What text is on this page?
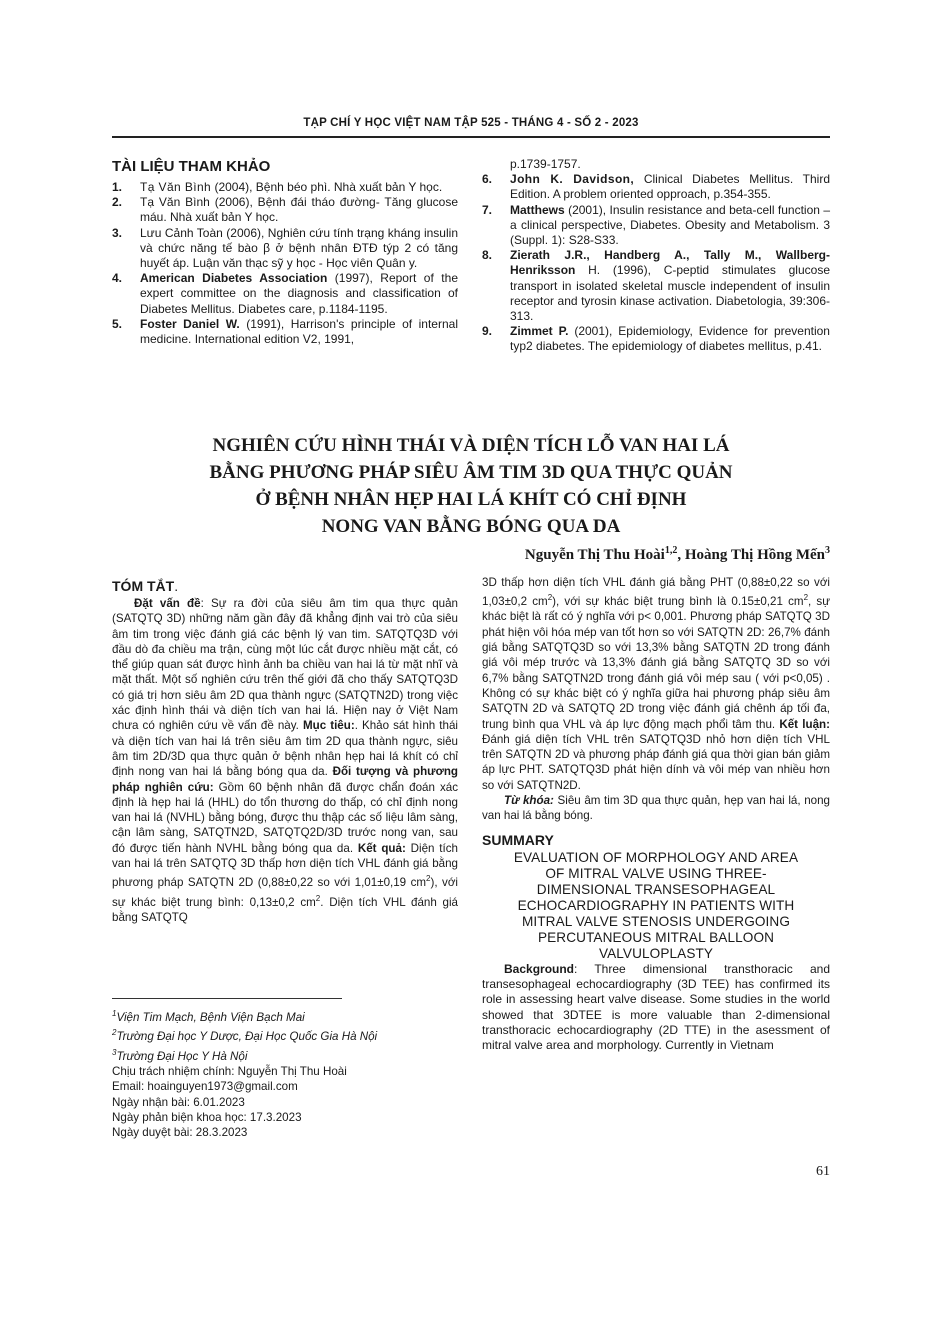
TẠP CHÍ Y HỌC VIỆT NAM TẬP 525 - THÁNG 4 - SỐ 2 - 2023
TÀI LIỆU THAM KHẢO
1. Tạ Văn Bình (2004), Bệnh béo phì. Nhà xuất bản Y học.
2. Tạ Văn Bình (2006), Bệnh đái tháo đường- Tăng glucose máu. Nhà xuất bản Y học.
3. Lưu Cảnh Toàn (2006), Nghiên cứu tính trạng kháng insulin và chức năng tế bào β ở bệnh nhân ĐTĐ týp 2 có tăng huyết áp. Luận văn thạc sỹ y học - Học viên Quân y.
4. American Diabetes Association (1997), Report of the expert committee on the diagnosis and classification of Diabetes Mellitus. Diabetes care, p.1184-1195.
5. Foster Daniel W. (1991), Harrison's principle of internal medicine. International edition V2, 1991,
p.1739-1757.
6. John K. Davidson, Clinical Diabetes Mellitus. Third Edition. A problem oriented opproach, p.354-355.
7. Matthews (2001), Insulin resistance and beta-cell function – a clinical perspective, Diabetes. Obesity and Metabolism. 3 (Suppl. 1): S28-S33.
8. Zierath J.R., Handberg A., Tally M., Wallberg- Henriksson H. (1996), C-peptid stimulates glucose transport in isolated skeletal muscle independent of insulin receptor and tyrosin kinase activation. Diabetologia, 39:306-313.
9. Zimmet P. (2001), Epidemiology, Evidence for prevention typ2 diabetes. The epidemiology of diabetes mellitus, p.41.
NGHIÊN CỨU HÌNH THÁI VÀ DIỆN TÍCH LỖ VAN HAI LÁ
BẰNG PHƯƠNG PHÁP SIÊU ÂM TIM 3D QUA THỰC QUẢN
Ở BỆNH NHÂN HẸP HAI LÁ KHÍT CÓ CHỈ ĐỊNH
NONG VAN BẰNG BÓNG QUA DA
Nguyễn Thị Thu Hoài$^{1,2}$, Hoàng Thị Hồng Mến$^3$
TÓM TẮT.
Đặt vấn đề: Sự ra đời của siêu âm tim qua thực quản (SATQTQ 3D) những năm gần đây đã khẳng định vai trò của siêu âm tim trong việc đánh giá các bệnh lý van tim. SATQTQ3D với đầu dò đa chiều ma trận, cùng một lúc cắt được nhiều mặt cắt, có thể giúp quan sát được hình ảnh ba chiều van hai lá từ mặt nhĩ và mặt thất. Một số nghiên cứu trên thế giới đã cho thấy SATQTQ3D có giá trị hơn siêu âm 2D qua thành ngực (SATQTN2D) trong việc xác định hình thái và diện tích van hai lá. Hiện nay ở Việt Nam chưa có nghiên cứu về vấn đề này. Mục tiêu:. Khảo sát hình thái và diện tích van hai lá trên siêu âm tim 2D qua thành ngực, siêu âm tim 2D/3D qua thực quản ở bệnh nhân hẹp hai lá khít có chỉ định nong van hai lá bằng bóng qua da. Đối tượng và phương pháp nghiên cứu: Gồm 60 bệnh nhân đã được chẩn đoán xác định là hẹp hai lá (HHL) do tổn thương do thấp, có chỉ định nong van hai lá (NVHL) bằng bóng, được thu thập các số liệu lâm sàng, cận lâm sàng, SATQTN2D, SATQTQ2D/3D trước nong van, sau đó được tiến hành NVHL bằng bóng qua da. Kết quả: Diện tích van hai lá trên SATQTQ 3D thấp hơn diện tích VHL đánh giá bằng phương pháp SATQTN 2D (0,88±0,22 so với 1,01±0,19 $cm^2$), với sự khác biệt trung bình: 0,13±0,2 $cm^2$. Diện tích VHL đánh giá bằng SATQTQ
$^1$Viện Tim Mạch, Bệnh Viện Bạch Mai
$^2$Trường Đại học Y Dược, Đại Học Quốc Gia Hà Nội
$^3$Trường Đại Học Y Hà Nội
Chịu trách nhiệm chính: Nguyễn Thị Thu Hoài
Email: hoainguyen1973@gmail.com
Ngày nhận bài: 6.01.2023
Ngày phản biện khoa học: 17.3.2023
Ngày duyệt bài: 28.3.2023
3D thấp hơn diện tích VHL đánh giá bằng PHT (0,88±0,22 so với 1,03±0,2 $cm^2$), với sự khác biệt trung bình là 0.15±0,21 $cm^2$, sự khác biệt là rất có ý nghĩa với p< 0,001. Phương pháp SATQTQ 3D phát hiện vôi hóa mép van tốt hơn so với SATQTN 2D: 26,7% đánh giá bằng SATQTQ3D so với 13,3% bằng SATQTN 2D trong đánh giá vôi mép trước và 13,3% đánh giá bằng SATQTQ 3D so với 6,7% bằng SATQTN2D trong đánh giá vôi mép sau ( với p<0,05) . Không có sự khác biệt có ý nghĩa giữa hai phương pháp siêu âm SATQTN 2D và SATQTQ 2D trong việc đánh giá chênh áp tối đa, trung bình qua VHL và áp lực động mạch phổi tâm thu. Kết luận: Đánh giá diện tích VHL trên SATQTQ3D nhỏ hơn diện tích VHL trên SATQTN 2D và phương pháp đánh giá qua thời gian bán giảm áp lực PHT. SATQTQ3D phát hiện dính và vôi mép van nhiều hơn so với SATQTN2D.
Từ khóa: Siêu âm tim 3D qua thực quản, hẹp van hai lá, nong van hai lá bằng bóng.
SUMMARY
EVALUATION OF MORPHOLOGY AND AREA
OF MITRAL VALVE USING THREE-
DIMENSIONAL TRANSESOPHAGEAL
ECHOCARDIOGRAPHY IN PATIENTS WITH
MITRAL VALVE STENOSIS UNDERGOING
PERCUTANEOUS MITRAL BALLOON
VALVULOPLASTY
Background: Three dimensional transthoracic and transesophageal echocardiography (3D TEE) has confirmed its role in assessing heart valve disease. Some studies in the world showed that 3DTEE is more valuable than 2-dimensional transthoracic echocardiography (2D TTE) in the asessment of mitral valve area and morphology. Currently in Vietnam
61
